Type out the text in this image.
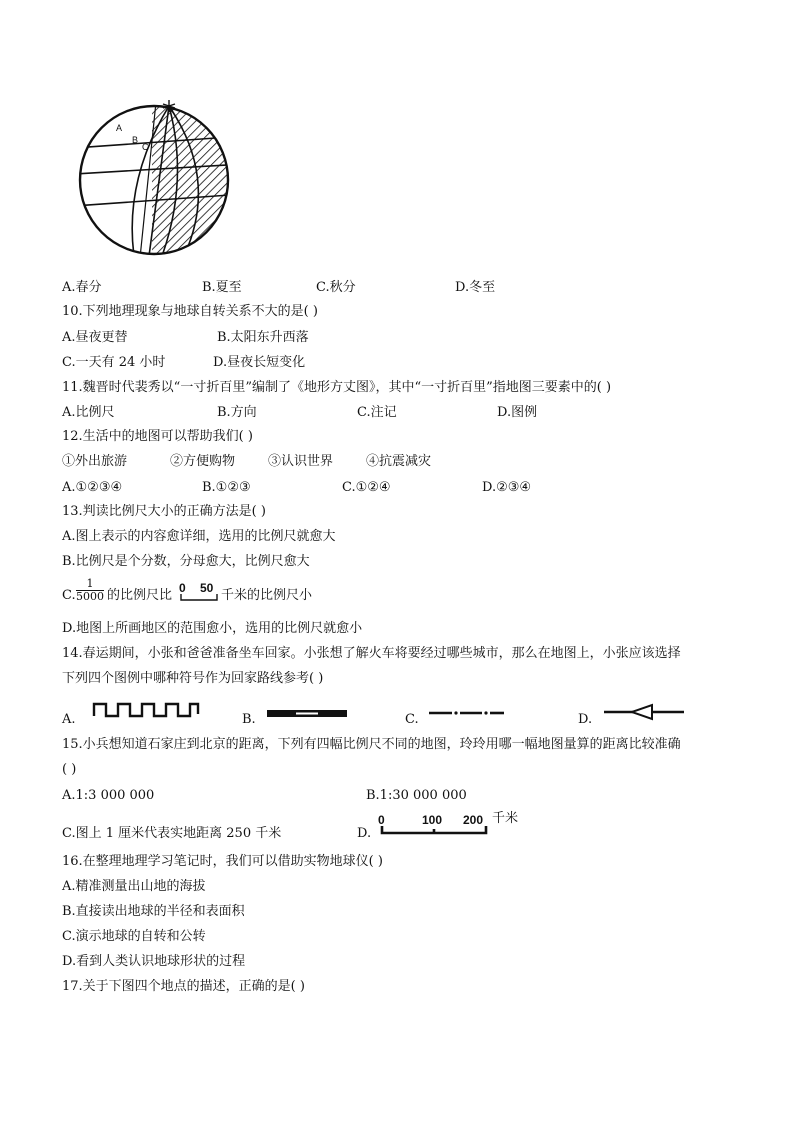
A
B
C
A.春分	B.夏至	C.秋分	D.冬至
10.下列地理现象与地球自转关系不大的是( )
A.昼夜更替	B.太阳东升西落
C.一天有 24 小时	D.昼夜长短变化
11.魏晋时代裴秀以“一寸折百里”编制了《地形方丈图》，其中“一寸折百里”指地图三要素中的( )
A.比例尺	B.方向	C.注记	D.图例
12.生活中的地图可以帮助我们( )
①外出旅游	②方便购物	③认识世界	④抗震减灾
A.①②③④	B.①②③	C.①②④	D.②③④
13.判读比例尺大小的正确方法是( )
A.图上表示的内容愈详细，选用的比例尺就愈大
B.比例尺是个分数，分母愈大，比例尺愈大
C. $\frac{1}{5000}$ 的比例尺比 0 50 千米的比例尺小
D.地图上所画地区的范围愈小，选用的比例尺就愈小
14.春运期间，小张和爸爸准备坐车回家。小张想了解火车将要经过哪些城市，那么在地图上，小张应该选择
下列四个图例中哪种符号作为回家路线参考( )
A.	B.	C.	D.
15.小兵想知道石家庄到北京的距离，下列有四幅比例尺不同的地图，玲玲用哪一幅地图量算的距离比较准确
( )
A.1:3 000 000	B.1:30 000 000
C.图上 1 厘米代表实地距离 250 千米	D.
0	100 200 千米
16.在整理地理学习笔记时，我们可以借助实物地球仪( )
A.精准测量出山地的海拔
B.直接读出地球的半径和表面积
C.演示地球的自转和公转
D.看到人类认识地球形状的过程
17.关于下图四个地点的描述，正确的是( )
